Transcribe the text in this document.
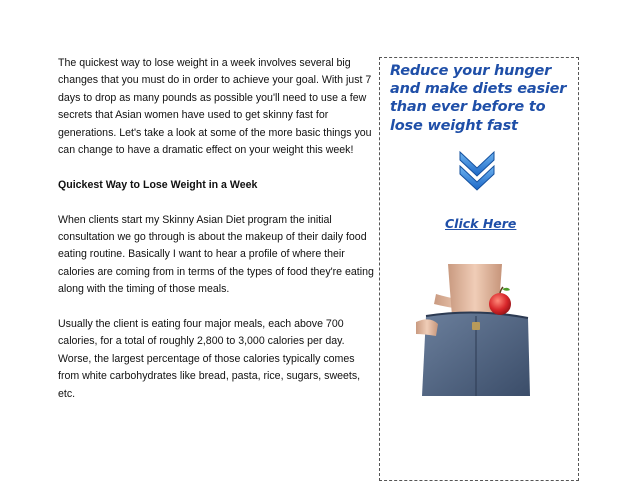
The quickest way to lose weight in a week involves several big changes that you must do in order to achieve your goal. With just 7 days to drop as many pounds as possible you'll need to use a few secrets that Asian women have used to get skinny fast for generations. Let's take a look at some of the more basic things you can change to have a dramatic effect on your weight this week!

Quickest Way to Lose Weight in a Week

When clients start my Skinny Asian Diet program the initial consultation we go through is about the makeup of their daily food eating routine. Basically I want to hear a profile of where their calories are coming from in terms of the types of food they're eating along with the timing of those meals.

Usually the client is eating four major meals, each above 700 calories, for a total of roughly 2,800 to 3,000 calories per day. Worse, the largest percentage of those calories typically comes from white carbohydrates like bread, pasta, rice, sugars, sweets, etc.

Reduce your hunger and make diets easier than ever before to lose weight fast
Click Here
